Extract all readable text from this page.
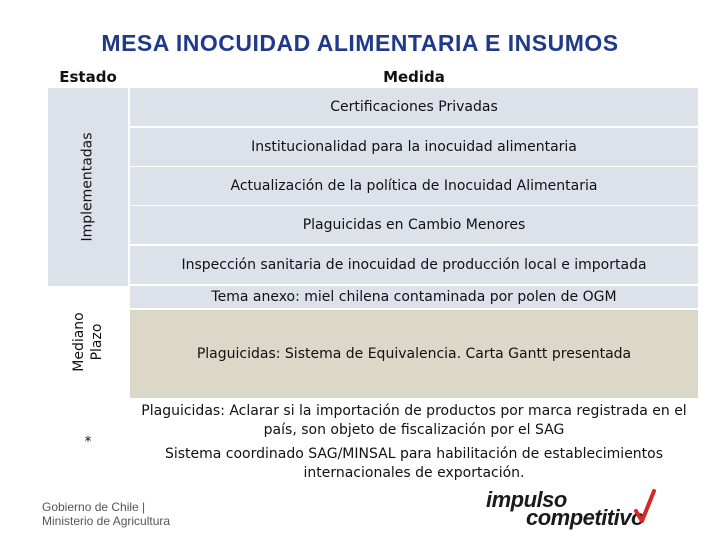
MESA INOCUIDAD ALIMENTARIA E INSUMOS
Estado	Medida
Implementadas
Mediano Plazo
*
Certificaciones Privadas
Institucionalidad para la inocuidad alimentaria
Actualización de la política de Inocuidad Alimentaria
Plaguicidas en Cambio Menores
Inspección sanitaria de inocuidad de producción local e importada
Tema anexo: miel chilena contaminada por polen de OGM
Plaguicidas: Sistema de Equivalencia. Carta Gantt presentada
Plaguicidas: Aclarar si la importación de productos por marca registrada en el país, son objeto de fiscalización por el SAG
Sistema coordinado SAG/MINSAL para habilitación de establecimientos internacionales de exportación.
Gobierno de Chile |
Ministerio de Agricultura
impulso
competitivo
